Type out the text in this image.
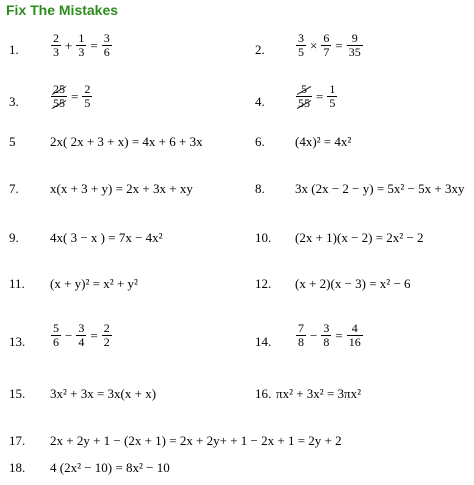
Fix The Mistakes
1.	$\frac{2}{3} + \frac{1}{3} = \frac{3}{6}$	2.	$\frac{3}{5} \times \frac{6}{7} = \frac{9}{35}$
3.	$\frac{25}{55} = \frac{2}{5}$	4.	$\frac{5}{55} = \frac{1}{5}$
5	2x( 2x + 3 + x) = 4x + 6 + 3x	6. (4x)² = 4x²
7. x(x + 3 + y) = 2x + 3x + xy	8. 3x (2x − 2 − y) = 5x² − 5x + 3xy
9. 4x( 3 − x ) = 7x − 4x²	10. (2x + 1)(x − 2) = 2x² − 2
11. (x + y)² = x² + y²	12. (x + 2)(x − 3) = x² − 6
13. $\frac{5}{6} - \frac{3}{4} = \frac{2}{2}$	14. $\frac{7}{8} - \frac{3}{8} = \frac{4}{16}$
15. 3x² + 3x = 3x(x + x)	16. πx² + 3x² = 3πx²
17. 2x + 2y + 1 − (2x + 1) = 2x + 2y+ + 1 − 2x + 1 = 2y + 2
18. 4 (2x² − 10) = 8x² − 10
